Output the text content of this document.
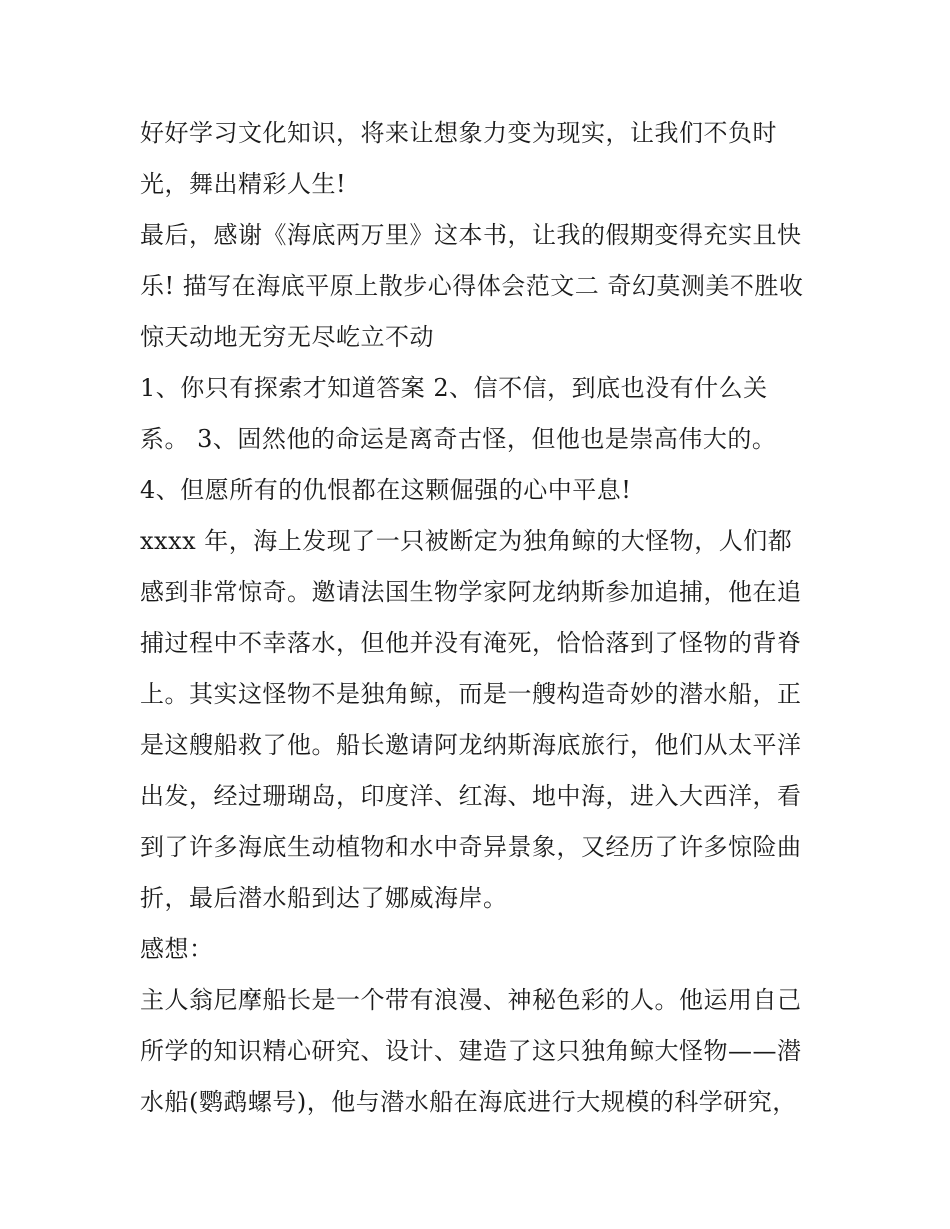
好好学习文化知识，将来让想象力变为现实，让我们不负时
光，舞出精彩人生!
最后，感谢《海底两万里》这本书，让我的假期变得充实且快
乐! 描写在海底平原上散步心得体会范文二 奇幻莫测美不胜收
惊天动地无穷无尽屹立不动
1、你只有探索才知道答案 2、信不信，到底也没有什么关
系。 3、固然他的命运是离奇古怪，但他也是崇高伟大的。
4、但愿所有的仇恨都在这颗倔强的心中平息!
xxxx 年，海上发现了一只被断定为独角鲸的大怪物，人们都
感到非常惊奇。邀请法国生物学家阿龙纳斯参加追捕，他在追
捕过程中不幸落水，但他并没有淹死，恰恰落到了怪物的背脊
上。其实这怪物不是独角鲸，而是一艘构造奇妙的潜水船，正
是这艘船救了他。船长邀请阿龙纳斯海底旅行，他们从太平洋
出发，经过珊瑚岛，印度洋、红海、地中海，进入大西洋，看
到了许多海底生动植物和水中奇异景象，又经历了许多惊险曲
折，最后潜水船到达了娜威海岸。
感想：
主人翁尼摩船长是一个带有浪漫、神秘色彩的人。他运用自己
所学的知识精心研究、设计、建造了这只独角鲸大怪物——潜
水船(鹦鹉螺号)，他与潜水船在海底进行大规模的科学研究，
